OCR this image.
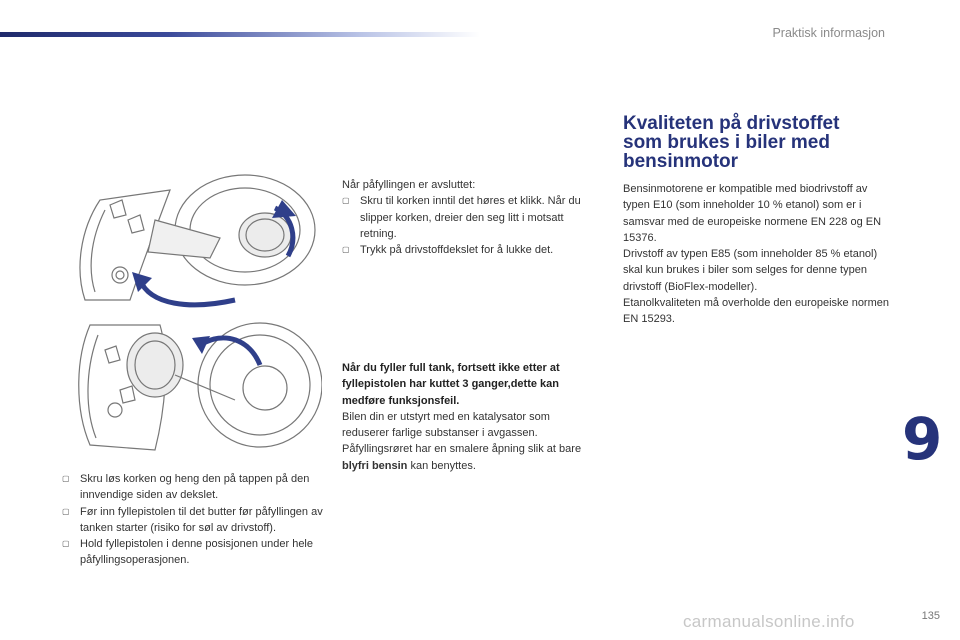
Praktisk informasjon
▢ Skru løs korken og heng den på tappen på den innvendige siden av dekslet.
▢ Før inn fyllepistolen til det butter før påfyllingen av tanken starter (risiko for søl av drivstoff).
▢ Hold fyllepistolen i denne posisjonen under hele påfyllingsoperasjonen.

Når påfyllingen er avsluttet:

▢ Skru til korken inntil det høres et klikk. Når du slipper korken, dreier den seg litt i motsatt retning.
▢ Trykk på drivstoffdekslet for å lukke det.

Når du fyller full tank, fortsett ikke etter at fyllepistolen har kuttet 3 ganger,dette kan medføre funksjonsfeil.

Bilen din er utstyrt med en katalysator som reduserer farlige substanser i avgassen.

Påfyllingsrøret har en smalere åpning slik at bare blyfri bensin kan benyttes.

Kvaliteten på drivstoffet
som brukes i biler med
bensinmotor

Bensinmotorene er kompatible med biodrivstoff av typen E10 (som inneholder 10 % etanol) som er i samsvar med de europeiske normene EN 228 og EN 15376.

Drivstoff av typen E85 (som inneholder 85 % etanol) skal kun brukes i biler som selges for denne typen drivstoff (BioFlex-modeller).

Etanolkvaliteten må overholde den europeiske normen EN 15293.

9
carmanualsonline.info	135
